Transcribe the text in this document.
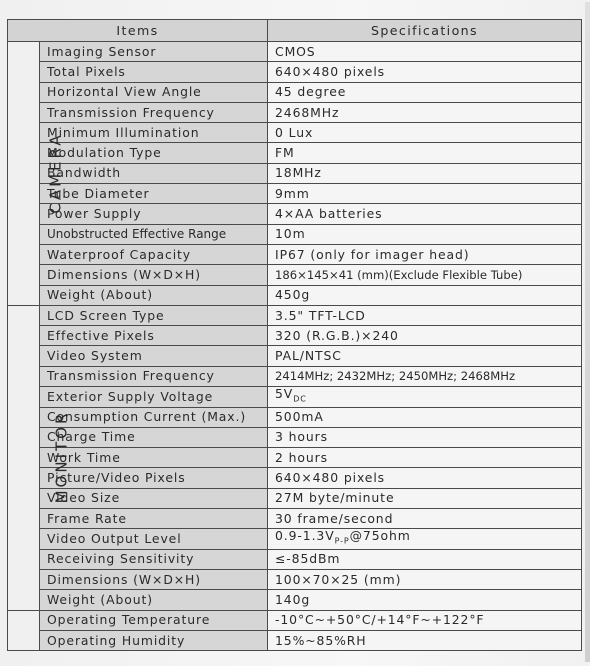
Items		Specifications
CAMERA	Imaging Sensor	CMOS
	Total Pixels	640×480 pixels
	Horizontal View Angle	45 degree
	Transmission Frequency	2468MHz
	Minimum Illumination	0 Lux
	Modulation Type	FM
	Bandwidth	18MHz
	Tube Diameter	9mm
	Power Supply	4×AA batteries
	Unobstructed Effective Range	10m
	Waterproof Capacity	IP67 (only for imager head)
	Dimensions (W×D×H)	186×145×41 (mm)(Exclude Flexible Tube)
	Weight (About)	450g
MONITOR	LCD Screen Type	3.5" TFT-LCD
	Effective Pixels	320 (R.G.B.)×240
	Video System	PAL/NTSC
	Transmission Frequency	2414MHz; 2432MHz; 2450MHz; 2468MHz
	Exterior Supply Voltage	$5V_{DC}$
	Consumption Current (Max.)	500mA
	Charge Time	3 hours
	Work Time	2 hours
	Picture/Video Pixels	640×480 pixels
	Video Size	27M byte/minute
	Frame Rate	30 frame/second
	Video Output Level	$0.9-1.3V_{P-P}@75ohm$
	Receiving Sensitivity	≤-85dBm
	Dimensions (W×D×H)	100×70×25 (mm)
	Weight (About)	140g
	Operating Temperature	-10°C~+50°C/+14°F~+122°F
	Operating Humidity	15%~85%RH
